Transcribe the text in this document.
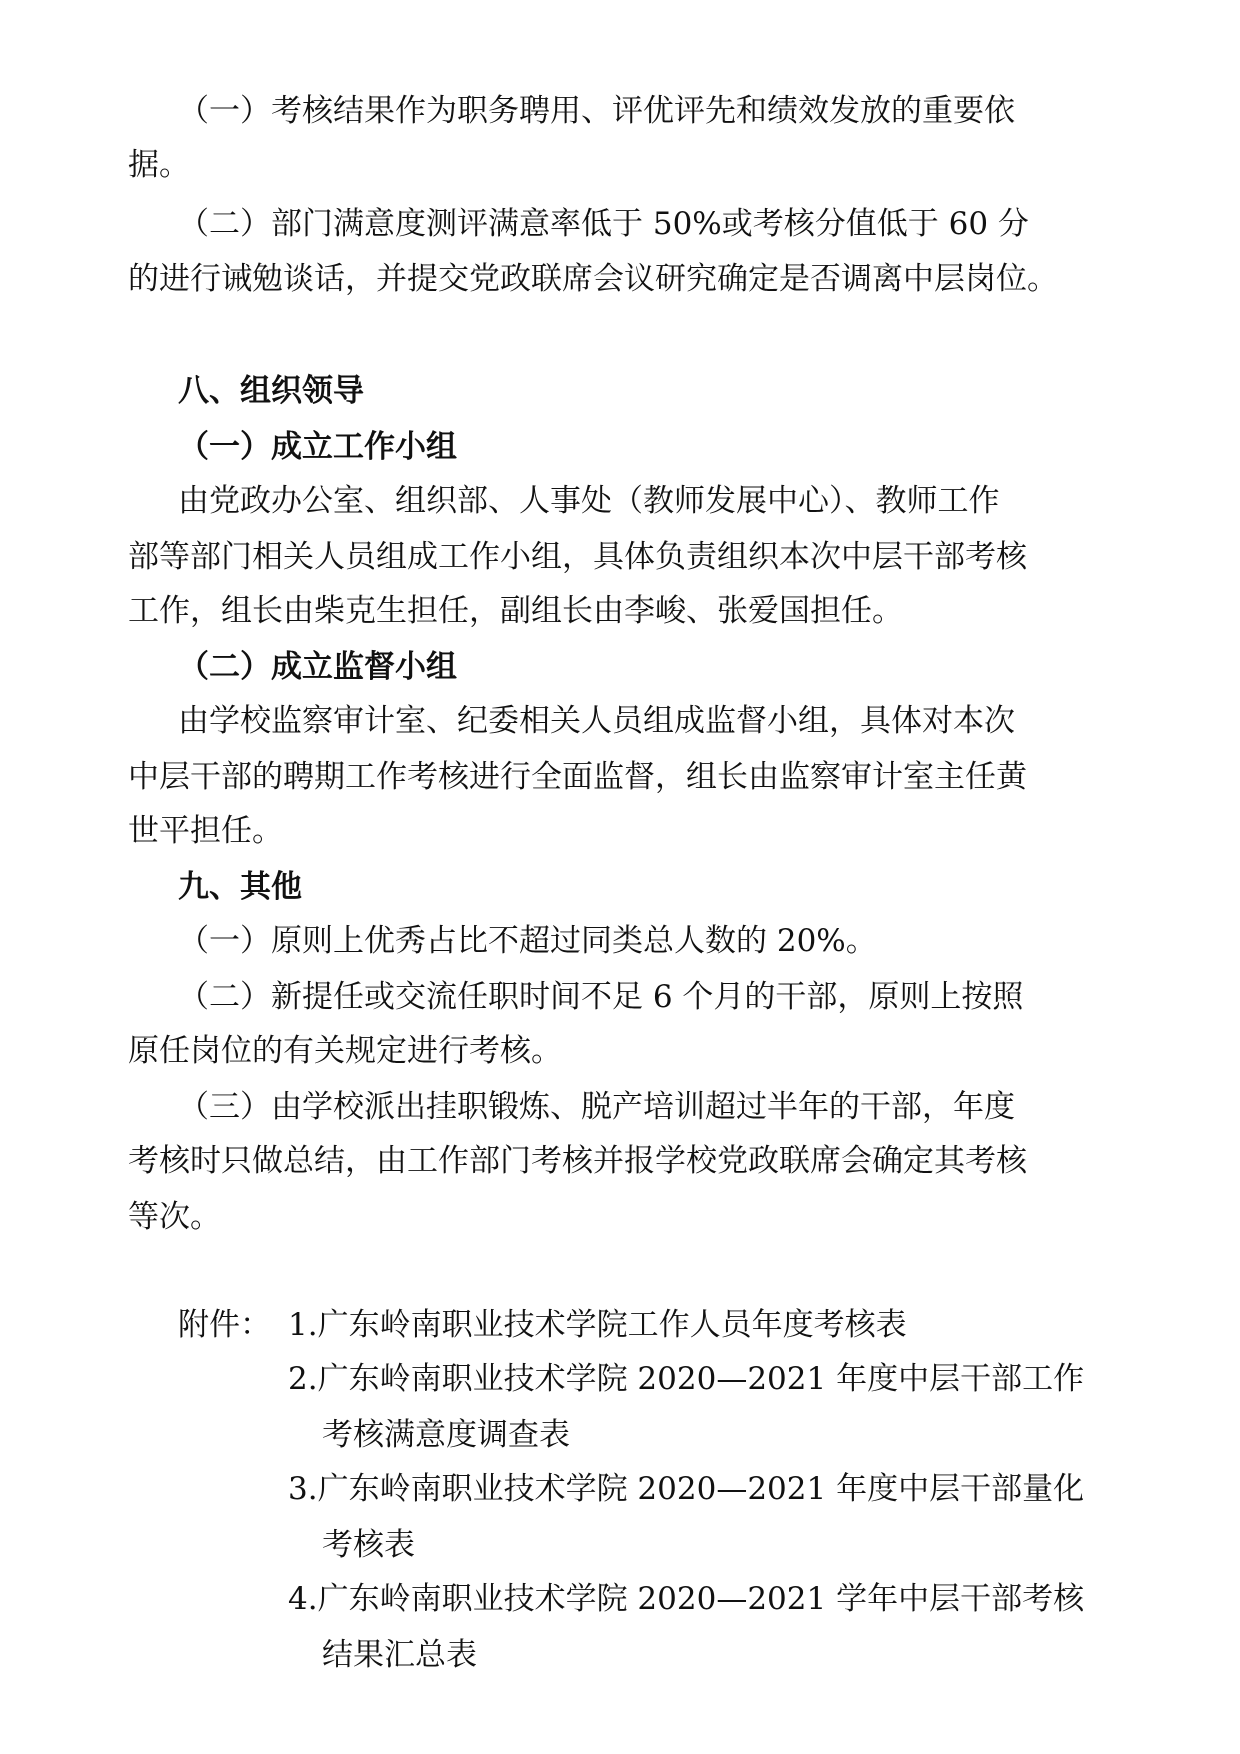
（一）考核结果作为职务聘用、评优评先和绩效发放的重要依
据。
（二）部门满意度测评满意率低于 50%或考核分值低于 60 分
的进行诫勉谈话，并提交党政联席会议研究确定是否调离中层岗位。
八、组织领导
（一）成立工作小组
由党政办公室、组织部、人事处（教师发展中心）、教师工作
部等部门相关人员组成工作小组，具体负责组织本次中层干部考核
工作，组长由柴克生担任，副组长由李峻、张爱国担任。
（二）成立监督小组
由学校监察审计室、纪委相关人员组成监督小组，具体对本次
中层干部的聘期工作考核进行全面监督，组长由监察审计室主任黄
世平担任。
九、其他
（一）原则上优秀占比不超过同类总人数的 20%。
（二）新提任或交流任职时间不足 6 个月的干部，原则上按照
原任岗位的有关规定进行考核。
（三）由学校派出挂职锻炼、脱产培训超过半年的干部，年度
考核时只做总结，由工作部门考核并报学校党政联席会确定其考核
等次。
附件： 1.广东岭南职业技术学院工作人员年度考核表
2.广东岭南职业技术学院 2020—2021 年度中层干部工作
考核满意度调查表
3.广东岭南职业技术学院 2020—2021 年度中层干部量化
考核表
4.广东岭南职业技术学院 2020—2021 学年中层干部考核
结果汇总表
